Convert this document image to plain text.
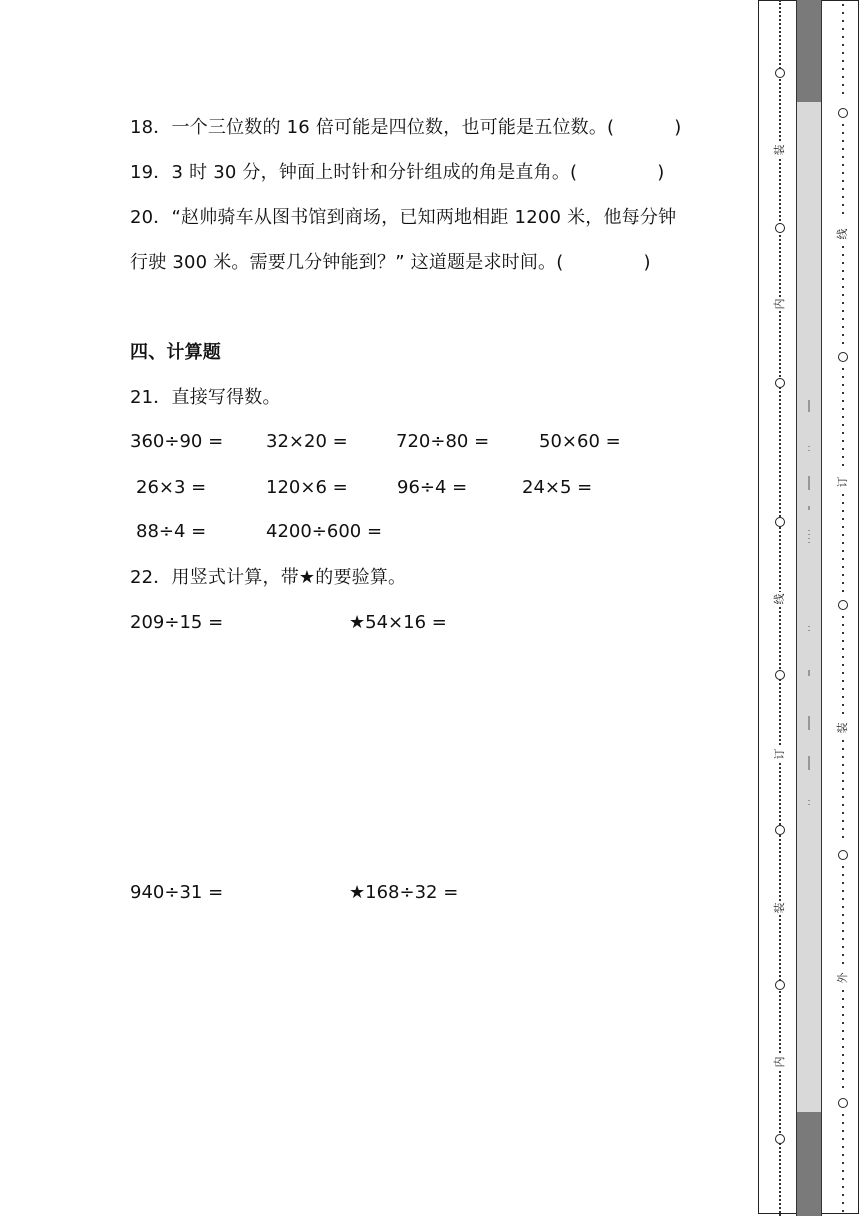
18．一个三位数的 16 倍可能是四位数，也可能是五位数。(	)
19．3 时 30 分，钟面上时针和分针组成的角是直角。(	)
20．“赵帅骑车从图书馆到商场，已知两地相距 1200 米，他每分钟
行驶 300 米。需要几分钟能到？” 这道题是求时间。(	)
四、计算题
21．直接写得数。
360÷90 = 32×20 =	720÷80 =	50×60 =
26×3 =	120×6 =	96÷4 =	24×5 =
88÷4 =	4200÷600 =
22．用竖式计算，带★的要验算。
209÷15 =	★54×16 =
940÷31 =	★168÷32 =
装
内
线
订
装
内
线
订
装
外
